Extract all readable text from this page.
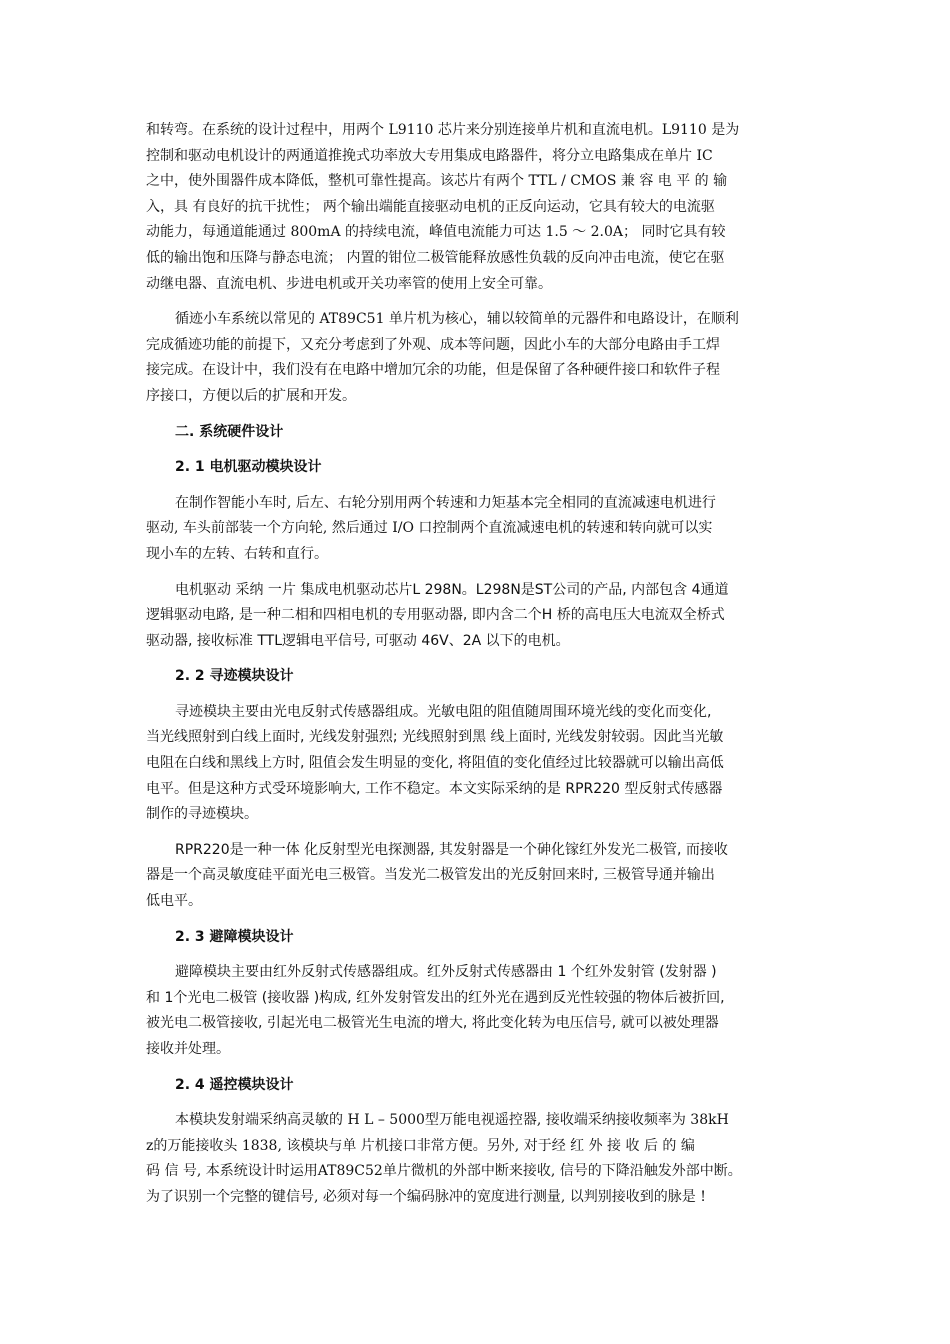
和转弯。在系统的设计过程中，用两个 L9110 芯片来分别连接单片机和直流电机。L9110 是为
控制和驱动电机设计的两通道推挽式功率放大专用集成电路器件，将分立电路集成在单片 IC
之中，使外围器件成本降低，整机可靠性提高。该芯片有两个 TTL / CMOS 兼 容 电 平 的 输
入，具 有良好的抗干扰性； 两个输出端能直接驱动电机的正反向运动，它具有较大的电流驱
动能力，每通道能通过 800mA 的持续电流，峰值电流能力可达 1.5 ～ 2.0A； 同时它具有较
低的输出饱和压降与静态电流； 内置的钳位二极管能释放感性负载的反向冲击电流，使它在驱
动继电器、直流电机、步进电机或开关功率管的使用上安全可靠。

循迹小车系统以常见的 AT89C51 单片机为核心，辅以较简单的元器件和电路设计，在顺利
完成循迹功能的前提下，又充分考虑到了外观、成本等问题，因此小车的大部分电路由手工焊
接完成。在设计中，我们没有在电路中增加冗余的功能，但是保留了各种硬件接口和软件子程
序接口，方便以后的扩展和开发。

二. 系统硬件设计
2. 1 电机驱动模块设计

在制作智能小车时, 后左、右轮分别用两个转速和力矩基本完全相同的直流减速电机进行
驱动, 车头前部装一个方向轮, 然后通过 I/O 口控制两个直流减速电机的转速和转向就可以实
现小车的左转、右转和直行。

电机驱动 采纳 一片 集成电机驱动芯片L 298N。L298N是ST公司的产品, 内部包含 4通道
逻辑驱动电路, 是一种二相和四相电机的专用驱动器, 即内含二个H 桥的高电压大电流双全桥式
驱动器, 接收标准 TTL逻辑电平信号, 可驱动 46V、2A 以下的电机。

2. 2 寻迹模块设计

寻迹模块主要由光电反射式传感器组成。光敏电阻的阻值随周围环境光线的变化而变化,
当光线照射到白线上面时, 光线发射强烈; 光线照射到黑 线上面时, 光线发射较弱。因此当光敏
电阻在白线和黑线上方时, 阻值会发生明显的变化, 将阻值的变化值经过比较器就可以输出高低
电平。但是这种方式受环境影响大, 工作不稳定。本文实际采纳的是 RPR220 型反射式传感器
制作的寻迹模块。

RPR220是一种一体 化反射型光电探测器, 其发射器是一个砷化镓红外发光二极管, 而接收
器是一个高灵敏度硅平面光电三极管。当发光二极管发出的光反射回来时, 三极管导通并输出
低电平。

2. 3 避障模块设计

避障模块主要由红外反射式传感器组成。红外反射式传感器由 1 个红外发射管 (发射器 )
和 1个光电二极管 (接收器 )构成, 红外发射管发出的红外光在遇到反光性较强的物体后被折回,
被光电二极管接收, 引起光电二极管光生电流的增大, 将此变化转为电压信号, 就可以被处理器
接收并处理。

2. 4 遥控模块设计

本模块发射端采纳高灵敏的 H L – 5000型万能电视遥控器, 接收端采纳接收频率为 38kH
z的万能接收头 1838, 该模块与单 片机接口非常方便。另外, 对于经 红 外 接 收 后 的 编
码 信 号, 本系统设计时运用AT89C52单片微机的外部中断来接收, 信号的下降沿触发外部中断。
为了识别一个完整的键信号, 必须对每一个编码脉冲的宽度进行测量, 以判别接收到的脉是 !
